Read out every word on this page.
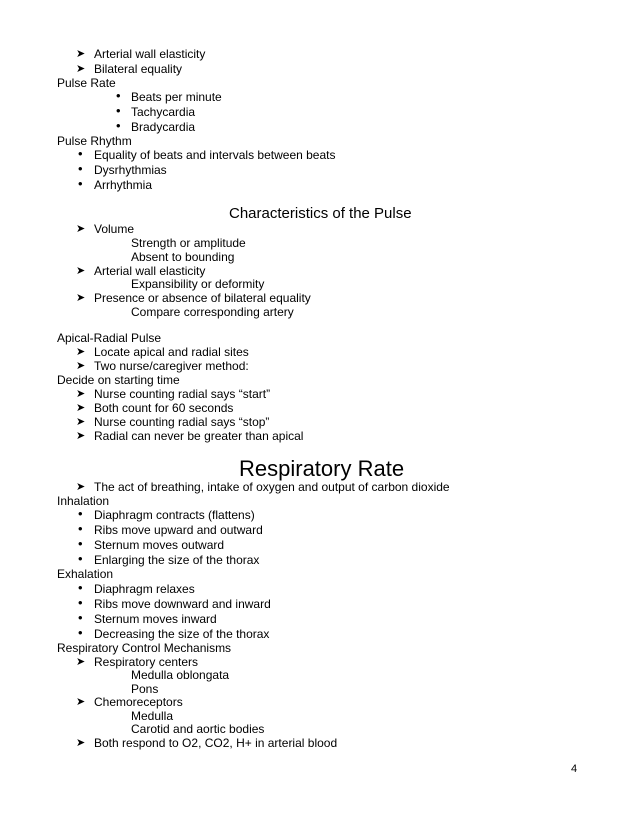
➤ Arterial wall elasticity
➤ Bilateral equality
Pulse Rate
• Beats per minute
• Tachycardia
• Bradycardia
Pulse Rhythm
• Equality of beats and intervals between beats
• Dysrhythmias
• Arrhythmia
Characteristics of the Pulse
➤ Volume
Strength or amplitude
Absent to bounding
➤ Arterial wall elasticity
Expansibility or deformity
➤ Presence or absence of bilateral equality
Compare corresponding artery
Apical-Radial Pulse
➤ Locate apical and radial sites
➤ Two nurse/caregiver method:
Decide on starting time
➤ Nurse counting radial says “start”
➤ Both count for 60 seconds
➤ Nurse counting radial says “stop”
➤ Radial can never be greater than apical
Respiratory Rate
➤ The act of breathing, intake of oxygen and output of carbon dioxide
Inhalation
• Diaphragm contracts (flattens)
• Ribs move upward and outward
• Sternum moves outward
• Enlarging the size of the thorax
Exhalation
• Diaphragm relaxes
• Ribs move downward and inward
• Sternum moves inward
• Decreasing the size of the thorax
Respiratory Control Mechanisms
➤ Respiratory centers
Medulla oblongata
Pons
➤ Chemoreceptors
Medulla
Carotid and aortic bodies
➤ Both respond to O2, CO2, H+ in arterial blood
4
